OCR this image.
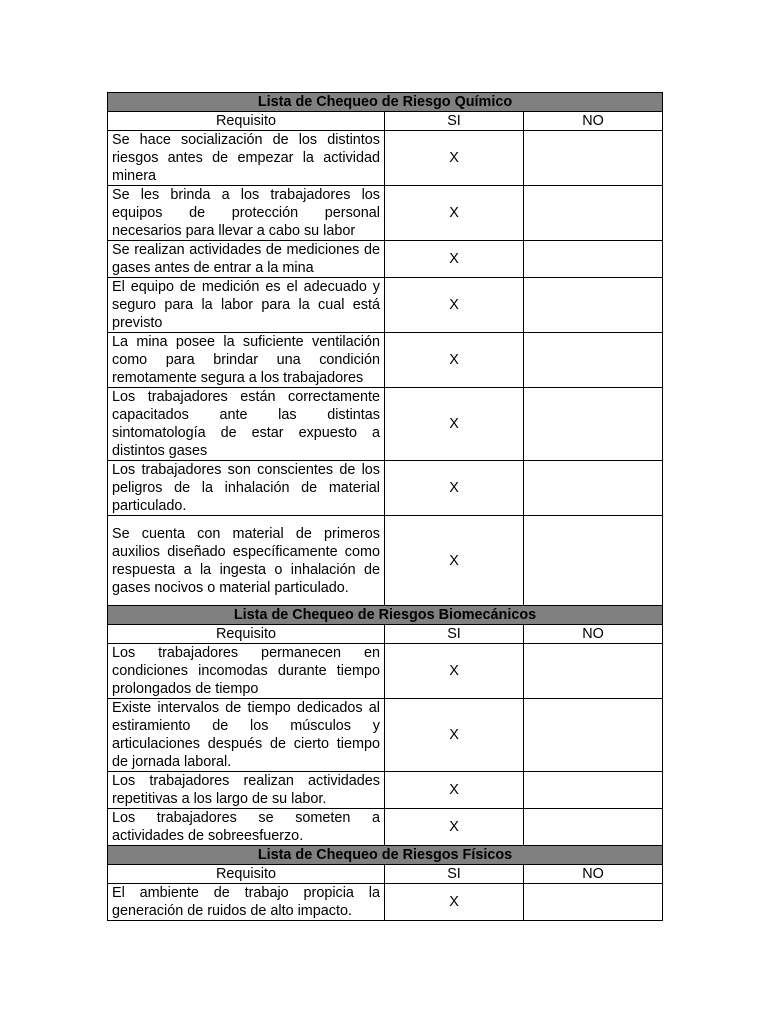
Lista de Chequeo de Riesgo Químico		
Requisito	SI	NO
Se hace socialización de los distintos riesgos antes de empezar la actividad minera	X	
Se les brinda a los trabajadores los equipos de protección personal necesarios para llevar a cabo su labor	X	
Se realizan actividades de mediciones de gases antes de entrar a la mina	X	
El equipo de medición es el adecuado y seguro para la labor para la cual está previsto	X	
La mina posee la suficiente ventilación como para brindar una condición remotamente segura a los trabajadores	X	
Los trabajadores están correctamente capacitados ante las distintas sintomatología de estar expuesto a distintos gases	X	
Los trabajadores son conscientes de los peligros de la inhalación de material particulado.	X	
Se cuenta con material de primeros auxilios diseñado específicamente como respuesta a la ingesta o inhalación de gases nocivos o material particulado.	X	
Lista de Chequeo de Riesgos Biomecánicos		
Requisito	SI	NO
Los trabajadores permanecen en condiciones incomodas durante tiempo prolongados de tiempo	X	
Existe intervalos de tiempo dedicados al estiramiento de los músculos y articulaciones después de cierto tiempo de jornada laboral.	X	
Los trabajadores realizan actividades repetitivas a los largo de su labor.	X	
Los trabajadores se someten a actividades de sobreesfuerzo.	X	
Lista de Chequeo de Riesgos Físicos		
Requisito	SI	NO
El ambiente de trabajo propicia la generación de ruidos de alto impacto.	X	
